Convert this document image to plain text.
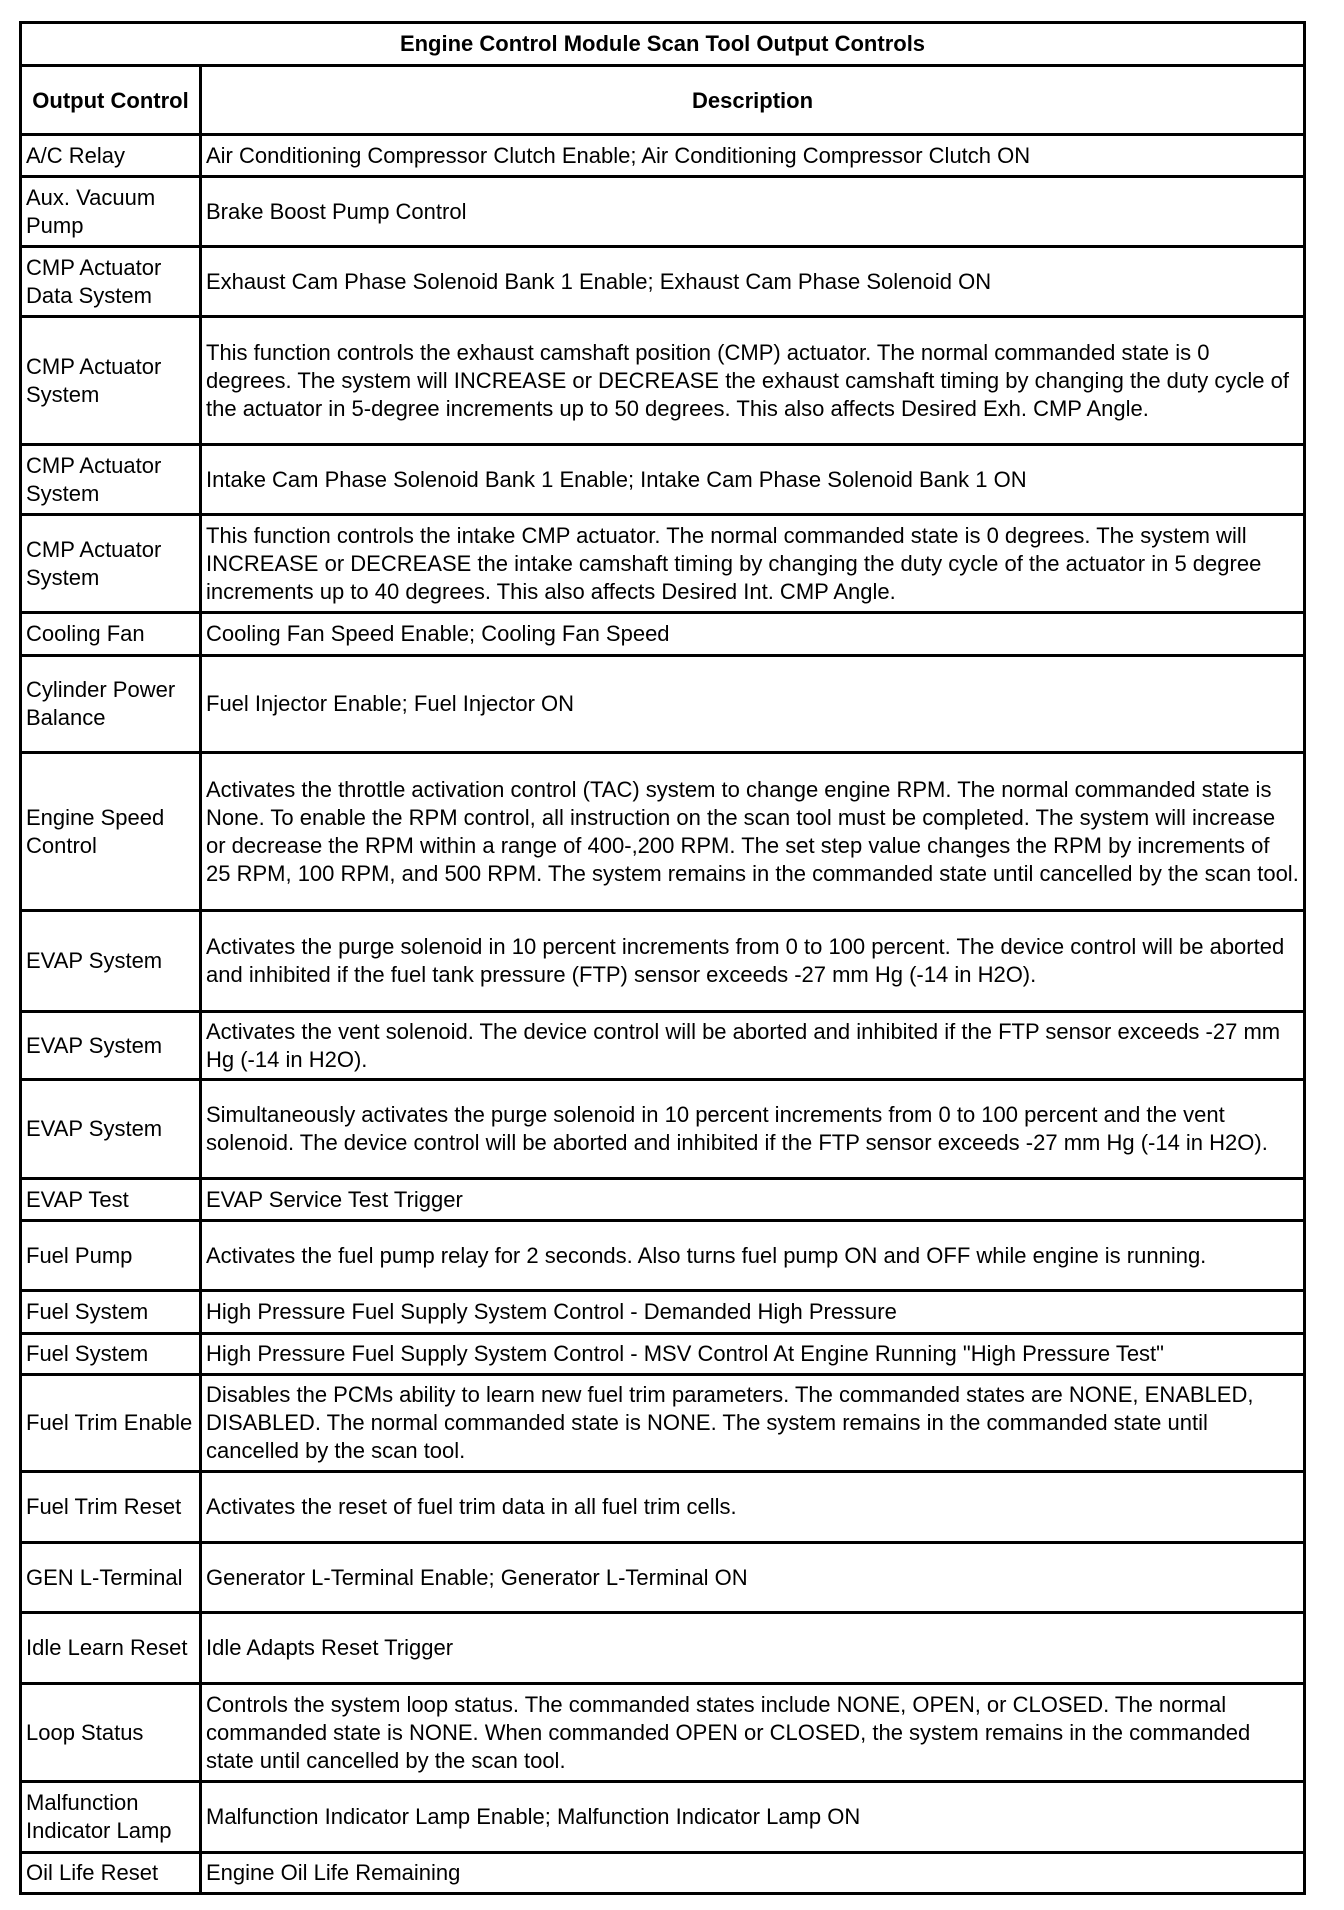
Engine Control Module Scan Tool Output Controls	
Output Control	Description
A/C Relay	Air Conditioning Compressor Clutch Enable; Air Conditioning Compressor Clutch ON
Aux. Vacuum Pump	Brake Boost Pump Control
CMP Actuator Data System	Exhaust Cam Phase Solenoid Bank 1 Enable; Exhaust Cam Phase Solenoid ON
CMP Actuator System	This function controls the exhaust camshaft position (CMP) actuator. The normal commanded state is 0 degrees. The system will INCREASE or DECREASE the exhaust camshaft timing by changing the duty cycle of the actuator in 5-degree increments up to 50 degrees. This also affects Desired Exh. CMP Angle.
CMP Actuator System	Intake Cam Phase Solenoid Bank 1 Enable; Intake Cam Phase Solenoid Bank 1 ON
CMP Actuator System	This function controls the intake CMP actuator. The normal commanded state is 0 degrees. The system will INCREASE or DECREASE the intake camshaft timing by changing the duty cycle of the actuator in 5 degree increments up to 40 degrees. This also affects Desired Int. CMP Angle.
Cooling Fan	Cooling Fan Speed Enable; Cooling Fan Speed
Cylinder Power Balance	Fuel Injector Enable; Fuel Injector ON
Engine Speed Control	Activates the throttle activation control (TAC) system to change engine RPM. The normal commanded state is None. To enable the RPM control, all instruction on the scan tool must be completed. The system will increase or decrease the RPM within a range of 400-,200 RPM. The set step value changes the RPM by increments of 25 RPM, 100 RPM, and 500 RPM. The system remains in the commanded state until cancelled by the scan tool.
EVAP System	Activates the purge solenoid in 10 percent increments from 0 to 100 percent. The device control will be aborted and inhibited if the fuel tank pressure (FTP) sensor exceeds -27 mm Hg (-14 in H2O).
EVAP System	Activates the vent solenoid. The device control will be aborted and inhibited if the FTP sensor exceeds -27 mm Hg (-14 in H2O).
EVAP System	Simultaneously activates the purge solenoid in 10 percent increments from 0 to 100 percent and the vent solenoid. The device control will be aborted and inhibited if the FTP sensor exceeds -27 mm Hg (-14 in H2O).
EVAP Test	EVAP Service Test Trigger
Fuel Pump	Activates the fuel pump relay for 2 seconds. Also turns fuel pump ON and OFF while engine is running.
Fuel System	High Pressure Fuel Supply System Control - Demanded High Pressure
Fuel System	High Pressure Fuel Supply System Control - MSV Control At Engine Running "High Pressure Test"
Fuel Trim Enable	Disables the PCMs ability to learn new fuel trim parameters. The commanded states are NONE, ENABLED, DISABLED. The normal commanded state is NONE. The system remains in the commanded state until cancelled by the scan tool.
Fuel Trim Reset	Activates the reset of fuel trim data in all fuel trim cells.
GEN L-Terminal	Generator L-Terminal Enable; Generator L-Terminal ON
Idle Learn Reset	Idle Adapts Reset Trigger
Loop Status	Controls the system loop status. The commanded states include NONE, OPEN, or CLOSED. The normal commanded state is NONE. When commanded OPEN or CLOSED, the system remains in the commanded state until cancelled by the scan tool.
Malfunction Indicator Lamp	Malfunction Indicator Lamp Enable; Malfunction Indicator Lamp ON
Oil Life Reset	Engine Oil Life Remaining
